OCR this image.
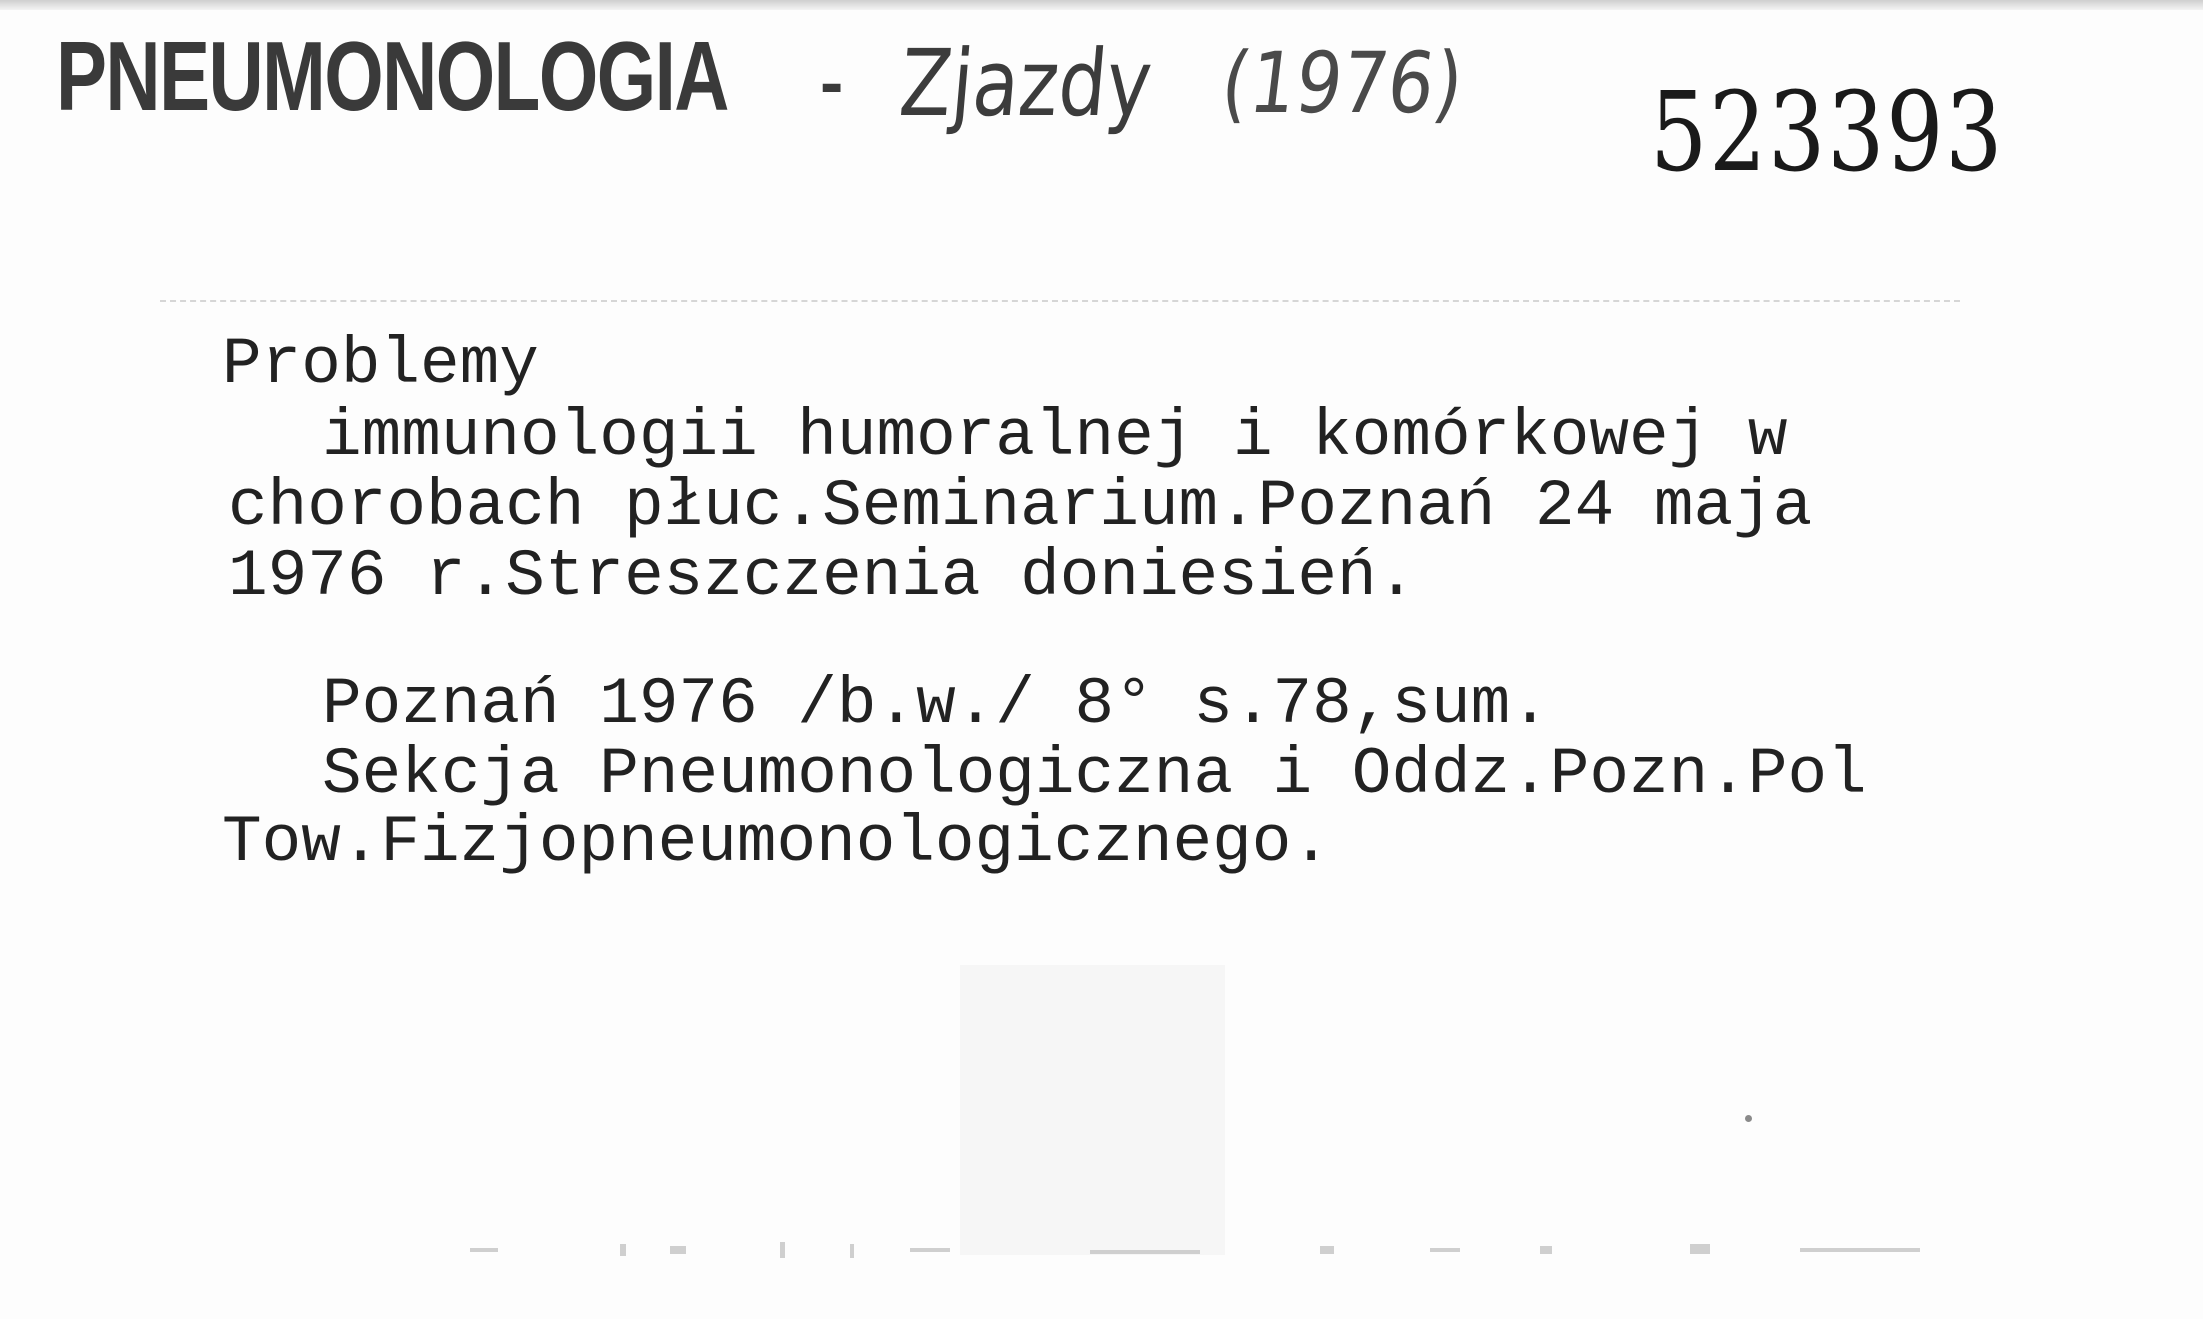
PNEUMONOLOGIA - Zjazdy (1976) 523393
Problemy
immunologii humoralnej i komórkowej w
chorobach płuc.Seminarium.Poznań 24 maja
1976 r.Streszczenia doniesień.
Poznań 1976 /b.w./ 8° s.78,sum.
Sekcja Pneumonologiczna i Oddz.Pozn.Pol
Tow.Fizjopneumonologicznego.
